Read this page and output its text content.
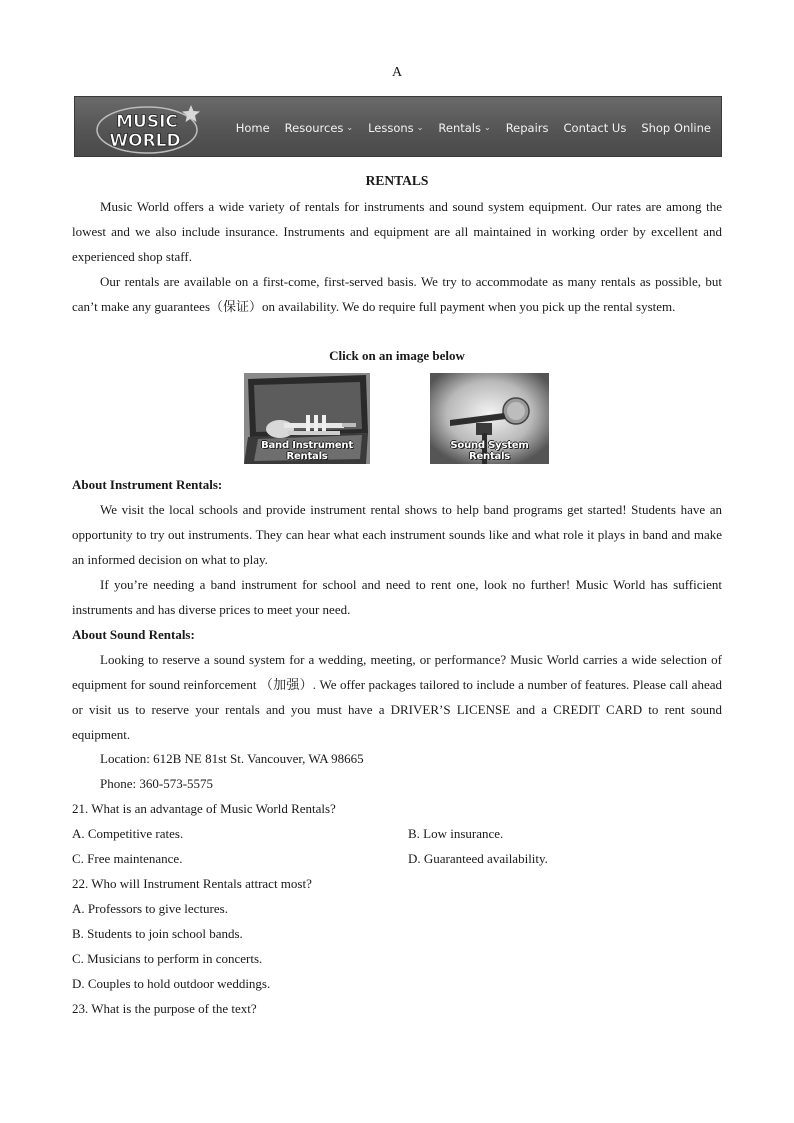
A
MUSIC
WORLD
Home Resources ⌄ Lessons ⌄ Rentals ⌄ Repairs Contact Us Shop Online
RENTALS

Music World offers a wide variety of rentals for instruments and sound system equipment. Our rates are among the lowest and we also include insurance. Instruments and equipment are all maintained in working order by excellent and experienced shop staff.

Our rentals are available on a first-come, first-served basis. We try to accommodate as many rentals as possible, but can’t make any guarantees（保证）on availability. We do require full payment when you pick up the rental system.

Click on an image below
Band Instrument Rentals
Sound System Rentals
About Instrument Rentals:

We visit the local schools and provide instrument rental shows to help band programs get started! Students have an opportunity to try out instruments. They can hear what each instrument sounds like and what role it plays in band and make an informed decision on what to play.

If you’re needing a band instrument for school and need to rent one, look no further! Music World has sufficient instruments and has diverse prices to meet your need.

About Sound Rentals:

Looking to reserve a sound system for a wedding, meeting, or performance? Music World carries a wide selection of equipment for sound reinforcement （加强）. We offer packages tailored to include a number of features. Please call ahead or visit us to reserve your rentals and you must have a DRIVER’S LICENSE and a CREDIT CARD to rent sound equipment.

Location: 612B NE 81st St. Vancouver, WA 98665
Phone: 360-573-5575
21. What is an advantage of Music World Rentals?
A. Competitive rates.	B. Low insurance.
C. Free maintenance.	D. Guaranteed availability.
22. Who will Instrument Rentals attract most?
A. Professors to give lectures.
B. Students to join school bands.
C. Musicians to perform in concerts.
D. Couples to hold outdoor weddings.
23. What is the purpose of the text?
